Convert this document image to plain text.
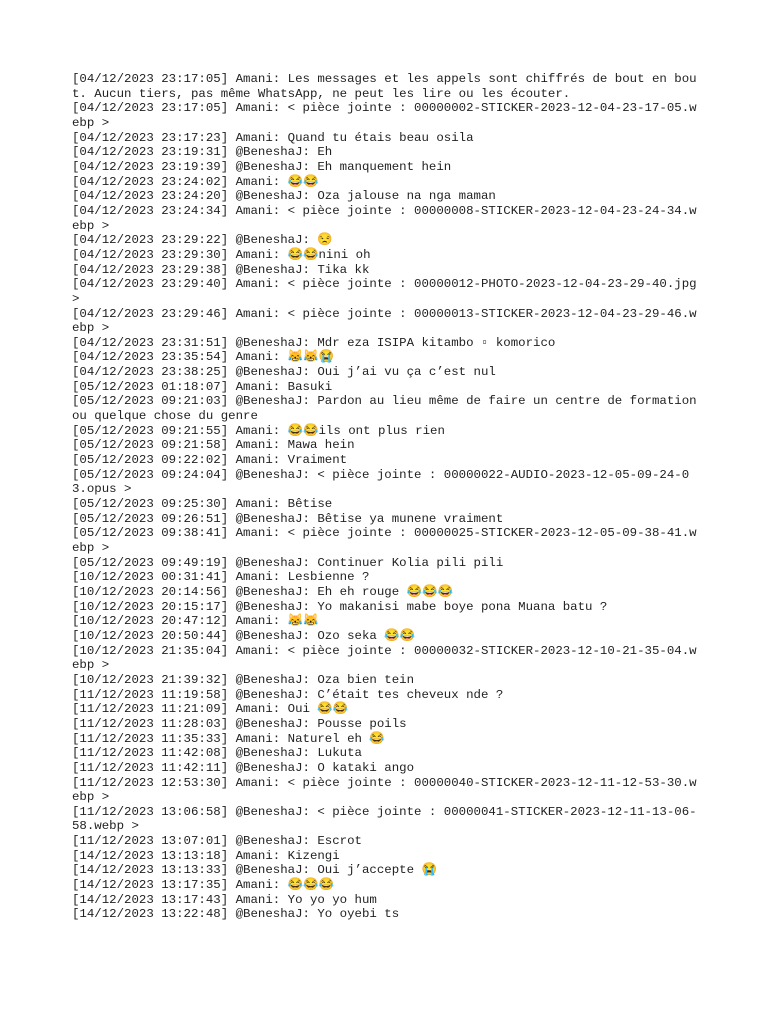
[04/12/2023 23:17:05] Amani: Les messages et les appels sont chiffrés de bout en bout. Aucun tiers, pas même WhatsApp, ne peut les lire ou les écouter.
[04/12/2023 23:17:05] Amani: < pièce jointe : 00000002-STICKER-2023-12-04-23-17-05.webp >
[04/12/2023 23:17:23] Amani: Quand tu étais beau osila
[04/12/2023 23:19:31] @BeneshaJ: Eh
[04/12/2023 23:19:39] @BeneshaJ: Eh manquement hein
[04/12/2023 23:24:02] Amani: 😂😂
[04/12/2023 23:24:20] @BeneshaJ: Oza jalouse na nga maman
[04/12/2023 23:24:34] Amani: < pièce jointe : 00000008-STICKER-2023-12-04-23-24-34.webp >
[04/12/2023 23:29:22] @BeneshaJ: 😒
[04/12/2023 23:29:30] Amani: 😂😂nini oh
[04/12/2023 23:29:38] @BeneshaJ: Tika kk
[04/12/2023 23:29:40] Amani: < pièce jointe : 00000012-PHOTO-2023-12-04-23-29-40.jpg >
[04/12/2023 23:29:46] Amani: < pièce jointe : 00000013-STICKER-2023-12-04-23-29-46.webp >
[04/12/2023 23:31:51] @BeneshaJ: Mdr eza ISIPA kitambo ▫ komorico
[04/12/2023 23:35:54] Amani: 😹😹😭
[04/12/2023 23:38:25] @BeneshaJ: Oui j’ai vu ça c’est nul
[05/12/2023 01:18:07] Amani: Basuki
[05/12/2023 09:21:03] @BeneshaJ: Pardon au lieu même de faire un centre de formation ou quelque chose du genre
[05/12/2023 09:21:55] Amani: 😂😂ils ont plus rien
[05/12/2023 09:21:58] Amani: Mawa hein
[05/12/2023 09:22:02] Amani: Vraiment
[05/12/2023 09:24:04] @BeneshaJ: < pièce jointe : 00000022-AUDIO-2023-12-05-09-24-03.opus >
[05/12/2023 09:25:30] Amani: Bêtise
[05/12/2023 09:26:51] @BeneshaJ: Bêtise ya munene vraiment
[05/12/2023 09:38:41] Amani: < pièce jointe : 00000025-STICKER-2023-12-05-09-38-41.webp >
[05/12/2023 09:49:19] @BeneshaJ: Continuer Kolia pili pili
[10/12/2023 00:31:41] Amani: Lesbienne ?
[10/12/2023 20:14:56] @BeneshaJ: Eh eh rouge 😂😂😂
[10/12/2023 20:15:17] @BeneshaJ: Yo makanisi mabe boye pona Muana batu ?
[10/12/2023 20:47:12] Amani: 😹😹
[10/12/2023 20:50:44] @BeneshaJ: Ozo seka 😂😂
[10/12/2023 21:35:04] Amani: < pièce jointe : 00000032-STICKER-2023-12-10-21-35-04.webp >
[10/12/2023 21:39:32] @BeneshaJ: Oza bien tein
[11/12/2023 11:19:58] @BeneshaJ: C’était tes cheveux nde ?
[11/12/2023 11:21:09] Amani: Oui 😂😂
[11/12/2023 11:28:03] @BeneshaJ: Pousse poils
[11/12/2023 11:35:33] Amani: Naturel eh 😂
[11/12/2023 11:42:08] @BeneshaJ: Lukuta
[11/12/2023 11:42:11] @BeneshaJ: O kataki ango
[11/12/2023 12:53:30] Amani: < pièce jointe : 00000040-STICKER-2023-12-11-12-53-30.webp >
[11/12/2023 13:06:58] @BeneshaJ: < pièce jointe : 00000041-STICKER-2023-12-11-13-06-58.webp >
[11/12/2023 13:07:01] @BeneshaJ: Escrot
[14/12/2023 13:13:18] Amani: Kizengi
[14/12/2023 13:13:33] @BeneshaJ: Oui j’accepte 😭
[14/12/2023 13:17:35] Amani: 😂😂😂
[14/12/2023 13:17:43] Amani: Yo yo yo hum
[14/12/2023 13:22:48] @BeneshaJ: Yo oyebi ts
